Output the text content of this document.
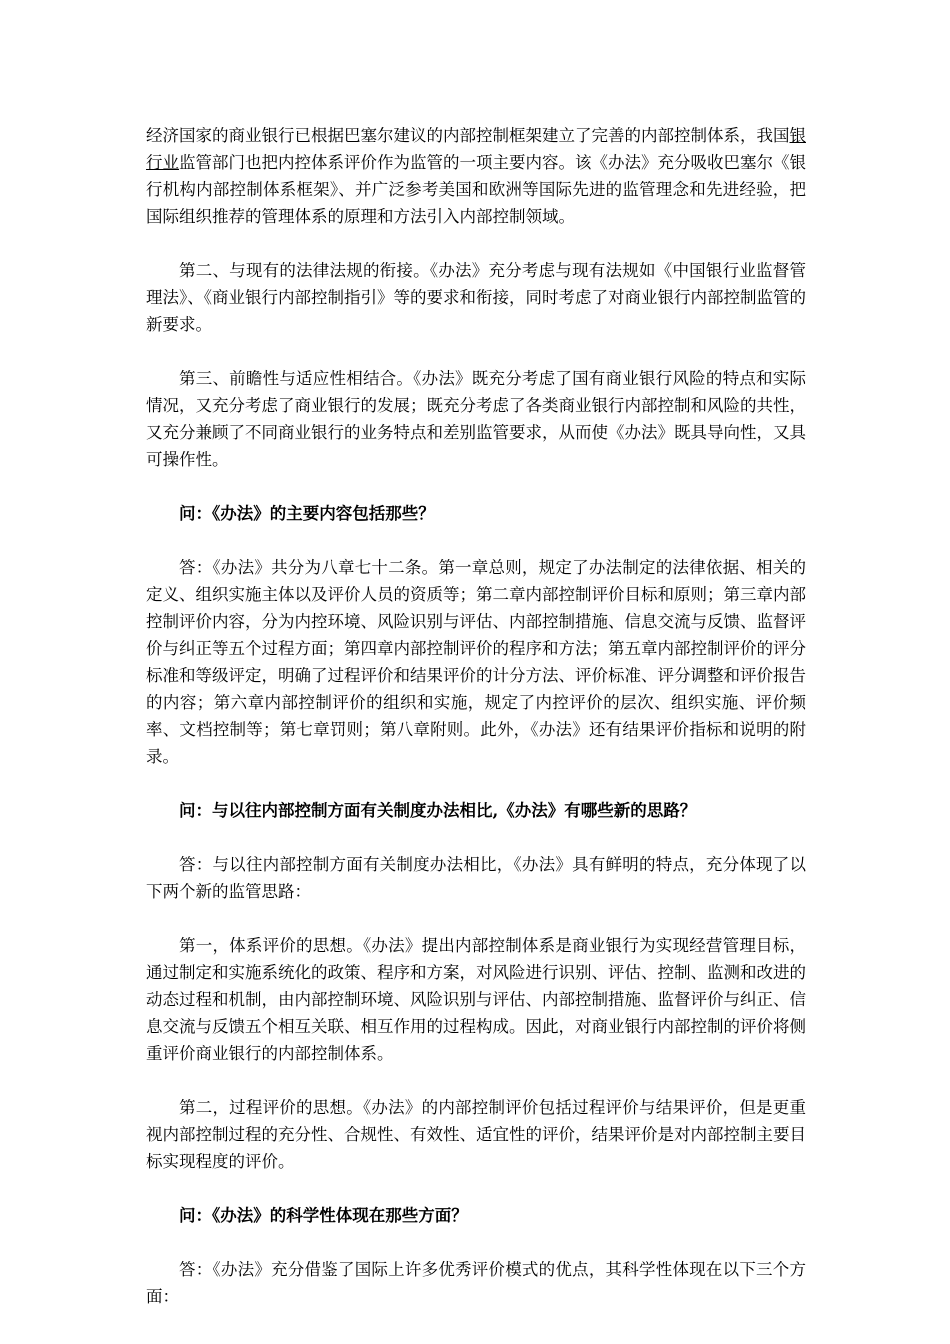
经济国家的商业银行已根据巴塞尔建议的内部控制框架建立了完善的内部控制体系，我国银行业监管部门也把内控体系评价作为监管的一项主要内容。该《办法》充分吸收巴塞尔《银行机构内部控制体系框架》、并广泛参考美国和欧洲等国际先进的监管理念和先进经验，把国际组织推荐的管理体系的原理和方法引入内部控制领域。

第二、与现有的法律法规的衔接。《办法》充分考虑与现有法规如《中国银行业监督管理法》、《商业银行内部控制指引》等的要求和衔接，同时考虑了对商业银行内部控制监管的新要求。

第三、前瞻性与适应性相结合。《办法》既充分考虑了国有商业银行风险的特点和实际情况，又充分考虑了商业银行的发展；既充分考虑了各类商业银行内部控制和风险的共性，又充分兼顾了不同商业银行的业务特点和差别监管要求，从而使《办法》既具导向性，又具可操作性。

问：《办法》的主要内容包括那些？

答：《办法》共分为八章七十二条。第一章总则，规定了办法制定的法律依据、相关的定义、组织实施主体以及评价人员的资质等；第二章内部控制评价目标和原则；第三章内部控制评价内容，分为内控环境、风险识别与评估、内部控制措施、信息交流与反馈、监督评价与纠正等五个过程方面；第四章内部控制评价的程序和方法；第五章内部控制评价的评分标准和等级评定，明确了过程评价和结果评价的计分方法、评价标准、评分调整和评价报告的内容；第六章内部控制评价的组织和实施，规定了内控评价的层次、组织实施、评价频率、文档控制等；第七章罚则；第八章附则。此外，《办法》还有结果评价指标和说明的附录。

问：与以往内部控制方面有关制度办法相比,《办法》有哪些新的思路？

答：与以往内部控制方面有关制度办法相比，《办法》具有鲜明的特点，充分体现了以下两个新的监管思路：

第一，体系评价的思想。《办法》提出内部控制体系是商业银行为实现经营管理目标，通过制定和实施系统化的政策、程序和方案，对风险进行识别、评估、控制、监测和改进的动态过程和机制，由内部控制环境、风险识别与评估、内部控制措施、监督评价与纠正、信息交流与反馈五个相互关联、相互作用的过程构成。因此，对商业银行内部控制的评价将侧重评价商业银行的内部控制体系。

第二，过程评价的思想。《办法》的内部控制评价包括过程评价与结果评价，但是更重视内部控制过程的充分性、合规性、有效性、适宜性的评价，结果评价是对内部控制主要目标实现程度的评价。

问：《办法》的科学性体现在那些方面？

答：《办法》充分借鉴了国际上许多优秀评价模式的优点，其科学性体现在以下三个方面：
